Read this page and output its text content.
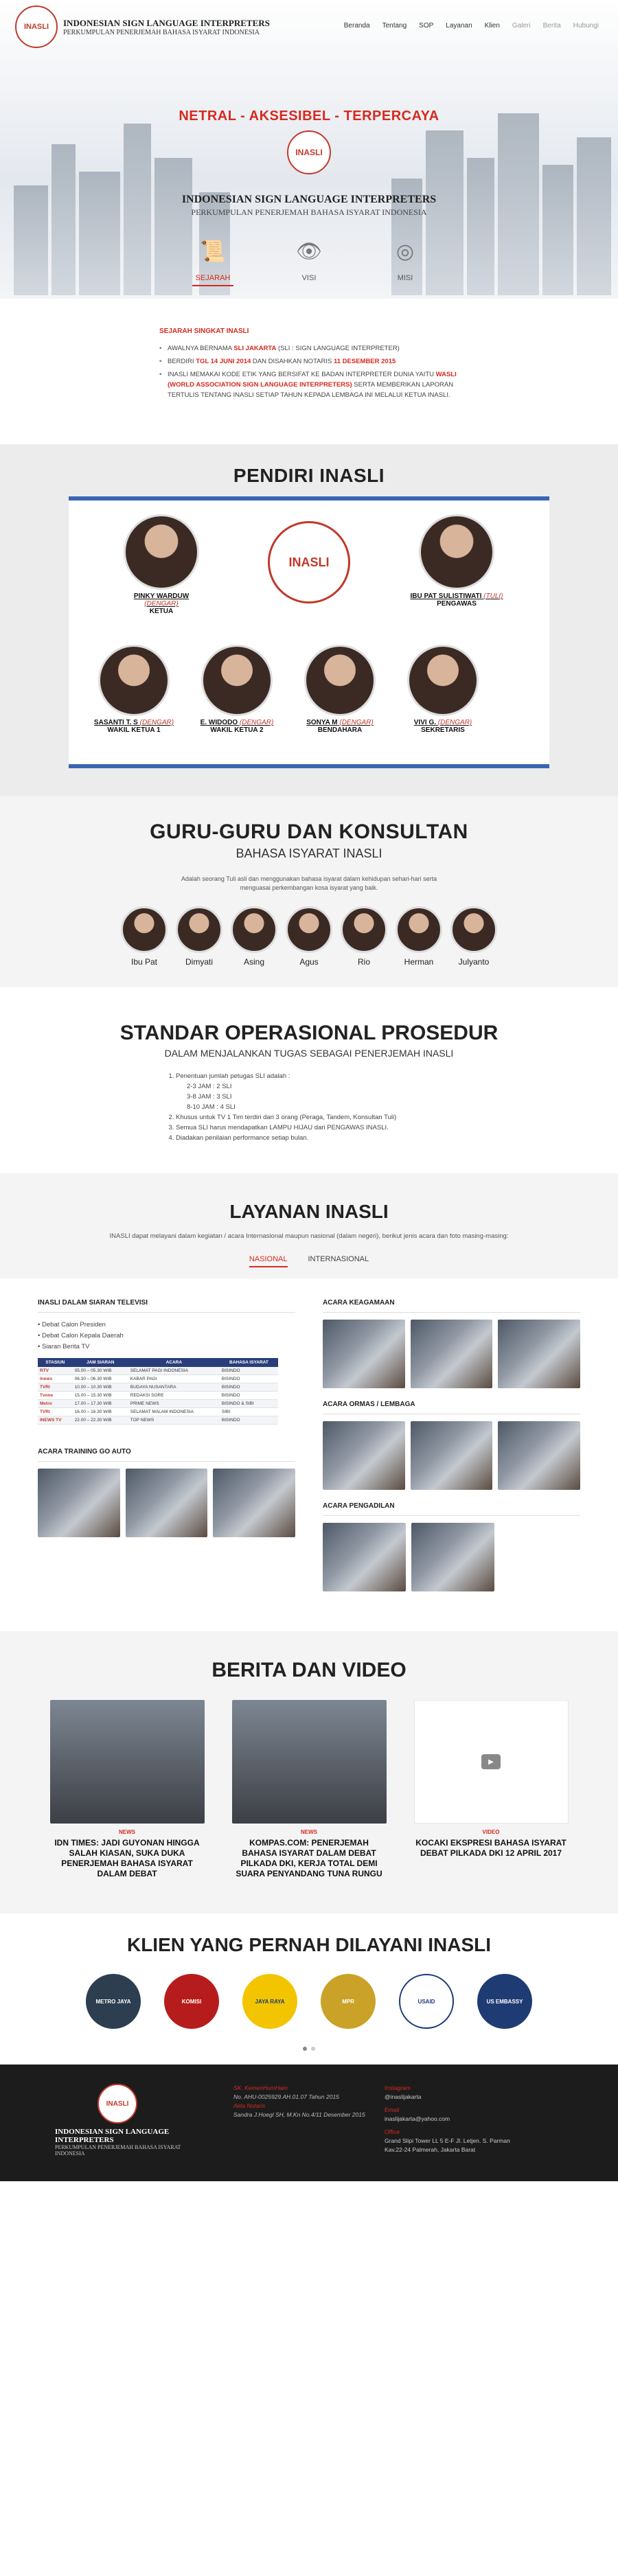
INASLI	INDONESIAN SIGN LANGUAGE INTERPRETERS
PERKUMPULAN PENERJEMAH BAHASA ISYARAT INDONESIA
Beranda Tentang SOP Layanan Klien Galeri Berita Hubungi
NETRAL - AKSESIBEL - TERPERCAYA
INASLI
INDONESIAN SIGN LANGUAGE INTERPRETERS
PERKUMPULAN PENERJEMAH BAHASA ISYARAT INDONESIA
📜
SEJARAH
👁
VISI
◎
MISI
SEJARAH SINGKAT INASLI
• AWALNYA BERNAMA SLI JAKARTA (SLI : SIGN LANGUAGE INTERPRETER)
• BERDIRI TGL 14 JUNI 2014 DAN DISAHKAN NOTARIS 11 DESEMBER 2015
• INASLI MEMAKAI KODE ETIK YANG BERSIFAT KE BADAN INTERPRETER DUNIA YAITU WASLI (WORLD ASSOCIATION SIGN LANGUAGE INTERPRETERS) SERTA MEMBERIKAN LAPORAN TERTULIS TENTANG INASLI SETIAP TAHUN KEPADA LEMBAGA INI MELALUI KETUA INASLI.
PENDIRI INASLI
INASLI
PINKY WARDUW (DENGAR)
KETUA
IBU PAT SULISTIWATI (TULI)
PENGAWAS
SASANTI T. S (DENGAR)
WAKIL KETUA 1
E. WIDODO (DENGAR)
WAKIL KETUA 2
SONYA M (DENGAR)
BENDAHARA
VIVI G. (DENGAR)
SEKRETARIS
GURU-GURU DAN KONSULTAN
BAHASA ISYARAT INASLI

Adalah seorang Tuli asli dan menggunakan bahasa isyarat dalam kehidupan sehari-hari serta menguasai perkembangan kosa isyarat yang baik.

Ibu Pat	Dimyati	Asing	Agus	Rio	Herman	Julyanto
STANDAR OPERASIONAL PROSEDUR
DALAM MENJALANKAN TUGAS SEBAGAI PENERJEMAH INASLI
1. Penentuan jumlah petugas SLI adalah :
2-3 JAM : 2 SLI
3-8 JAM : 3 SLI
8-10 JAM : 4 SLI
2. Khusus untuk TV 1 Tim terdiri dari 3 orang (Peraga, Tandem, Konsultan Tuli)
3. Semua SLI harus mendapatkan LAMPU HIJAU dari PENGAWAS INASLI.
4. Diadakan penilaian performance setiap bulan.
LAYANAN INASLI

INASLI dapat melayani dalam kegiatan / acara Internasional maupun nasional (dalam negeri), berikut jenis acara dan foto masing-masing:

NASIONAL	INTERNASIONAL
INASLI DALAM SIARAN TELEVISI
• Debat Calon Presiden
• Debat Calon Kepala Daerah
• Siaran Berita TV
STASIUN	JAM SIARAN	ACARA	BAHASA ISYARAT
RTV	05.00 – 05.30 WIB	SELAMAT PAGI INDONESIA	BISINDO
Inews	06.30 – 06.30 WIB	KABAR PAGI	BISINDO
TVRI	10.00 – 10.30 WIB	BUDAYA NUSANTARA	BISINDO
Tvone	15.00 – 15.30 WIB	REDAKSI SORE	BISINDO
Metro	17.00 – 17.30 WIB	PRIME NEWS	BISINDO & SIBI
TVRI	16.00 – 16.30 WIB	SELAMAT MALAM INDONESIA	SIBI
INEWS TV	22.00 – 22.30 WIB	TOP NEWS	BISINDO
ACARA TRAINING GO AUTO
ACARA KEAGAMAAN
ACARA ORMAS / LEMBAGA
ACARA PENGADILAN
BERITA DAN VIDEO
NEWS
IDN TIMES: JADI GUYONAN HINGGA SALAH KIASAN, SUKA DUKA PENERJEMAH BAHASA ISYARAT DALAM DEBAT
NEWS
KOMPAS.COM: PENERJEMAH BAHASA ISYARAT DALAM DEBAT PILKADA DKI, KERJA TOTAL DEMI SUARA PENYANDANG TUNA RUNGU
▶
VIDEO
KOCAKI EKSPRESI BAHASA ISYARAT DEBAT PILKADA DKI 12 APRIL 2017
KLIEN YANG PERNAH DILAYANI INASLI
METRO JAYA	KOMISI	JAYA RAYA	MPR	USAID	US EMBASSY
INASLI
INDONESIAN SIGN LANGUAGE INTERPRETERS
PERKUMPULAN PENERJEMAH BAHASA ISYARAT INDONESIA
SK. KemenHumHam
No. AHU-0025929.AH.01.07 Tahun 2015
Akta Notaris
Sandra J.Hoegl SH, M.Kn No.4/11 Desember 2015
Instagram
@inaslijakarta
Email
inaslijakarta@yahoo.com
Office
Grand Slipi Tower LL 5 E-F Jl. Letjen. S. Parman Kav.22-24 Palmerah, Jakarta Barat
